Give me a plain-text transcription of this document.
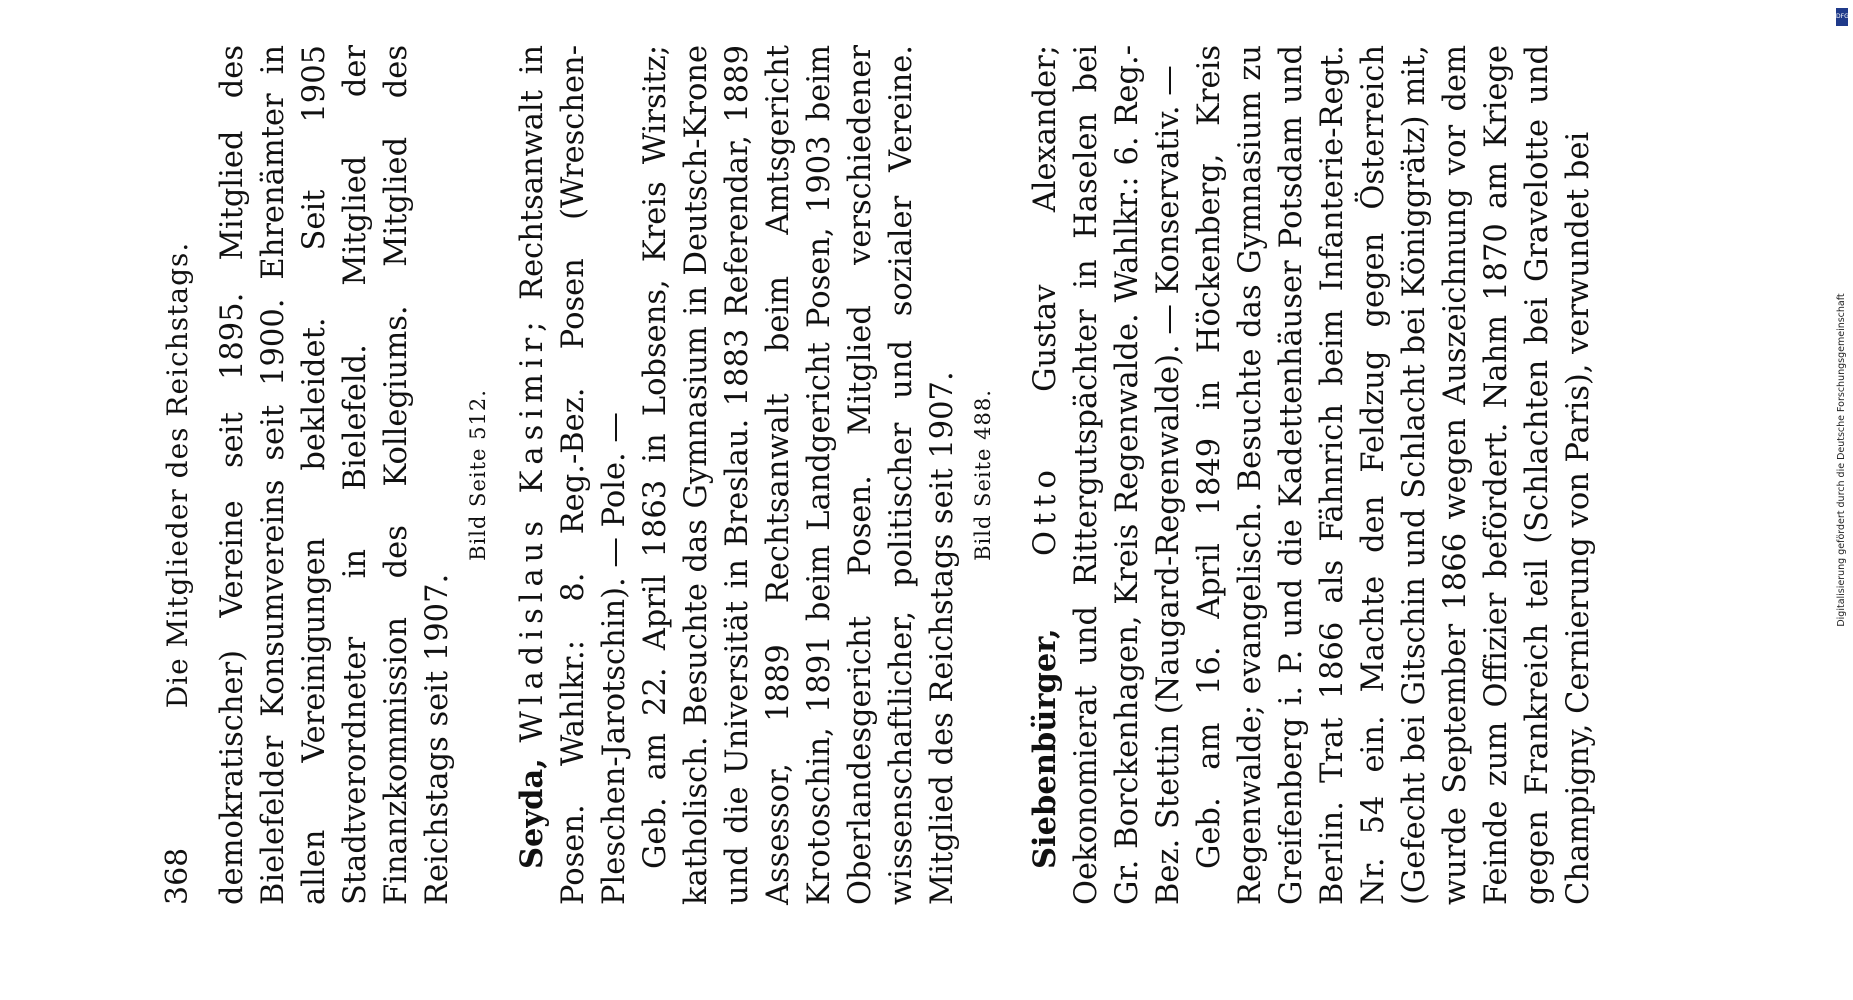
368
Die Mitglieder des Reichstags. demokratischer) Vereine seit 1895. Mitglied des Bielefelder Konsumvereins seit 1900. Ehrenämter in allen Vereinigungen bekleidet. Seit 1905 Stadtverordneter in Bielefeld. Mitglied der Finanzkommission des Kollegiums. Mitglied des Reichstags seit 1907.

Bild Seite 512.

Seyda, Wladislaus Kasimir; Rechtsanwalt in Posen. Wahlkr.: 8. Reg.-Bez. Posen (Wreschen-Pleschen-Jarotschin). — Pole. — Geb. am 22. April 1863 in Lobsens, Kreis Wirsitz; katholisch. Besuchte das Gymnasium in Deutsch-Krone und die Universität in Breslau. 1883 Referendar, 1889 Assessor, 1889 Rechtsanwalt beim Amtsgericht Krotoschin, 1891 beim Landgericht Posen, 1903 beim Oberlandesgericht Posen. Mitglied verschiedener wissenschaftlicher, politischer und sozialer Vereine. Mitglied des Reichstags seit 1907. Bild Seite 488.

Siebenbürger, Otto Gustav Alexander; Oekonomierat und Rittergutspächter in Haselen bei Gr. Borckenhagen, Kreis Regenwalde. Wahlkr.: 6. Reg.-Bez. Stettin (Naugard-Regenwalde). — Konservativ. — Geb. am 16. April 1849 in Höckenberg, Kreis Regenwalde; evangelisch. Besuchte das Gymnasium zu Greifenberg i. P. und die Kadettenhäuser Potsdam und Berlin. Trat 1866 als Fähnrich beim Infanterie-Regt. Nr. 54 ein. Machte den Feldzug gegen Österreich (Gefecht bei Gitschin und Schlacht bei Königgrätz) mit, wurde September 1866 wegen Auszeichnung vor dem Feinde zum Offizier befördert. Nahm 1870 am Kriege gegen Frankreich teil (Schlachten bei Gravelotte und Champigny, Cernierung von Paris), verwundet bei

DFG
Digitalisierung gefördert durch die Deutsche Forschungsgemeinschaft
